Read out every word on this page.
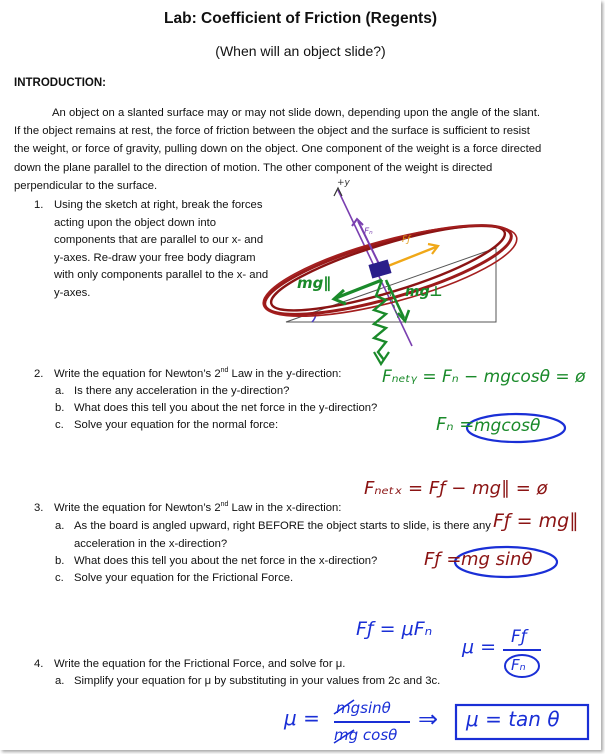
Lab: Coefficient of Friction (Regents)
(When will an object slide?)
INTRODUCTION:
An object on a slanted surface may or may not slide down, depending upon the angle of the slant. If the object remains at rest, the force of friction between the object and the surface is sufficient to resist the weight, or force of gravity, pulling down on the object. One component of the weight is a force directed down the plane parallel to the direction of motion. The other component of the weight is directed perpendicular to the surface.
1. Using the sketch at right, break the forces
acting upon the object down into
components that are parallel to our x- and
y-axes. Re-draw your free body diagram
with only components parallel to the x- and
y-axes.
2. Write the equation for Newton’s 2nd Law in the y-direction:
a. Is there any acceleration in the y-direction?
b. What does this tell you about the net force in the y-direction?
c. Solve your equation for the normal force:
3. Write the equation for Newton’s 2nd Law in the x-direction:
a. As the board is angled upward, right BEFORE the object starts to slide, is there any
acceleration in the x-direction?
b. What does this tell you about the net force in the x-direction?
c. Solve your equation for the Frictional Force.
4. Write the equation for the Frictional Force, and solve for μ.
a. Simplify your equation for μ by substituting in your values from 2c and 3c.
+y
Fₙ
Fƒ
mg∥	mg⊥
Fₙₑₜᵧ = Fₙ − mgcosθ = ø
Fₙ = mgcosθ
Fₙₑₜₓ = Fƒ − mg∥ = ø
Fƒ = mg∥
Fƒ = mg sinθ
Fƒ = μFₙ
μ = Fƒ
Fₙ
μ = mgsinθ
mg cosθ
⇒ μ = tan θ
